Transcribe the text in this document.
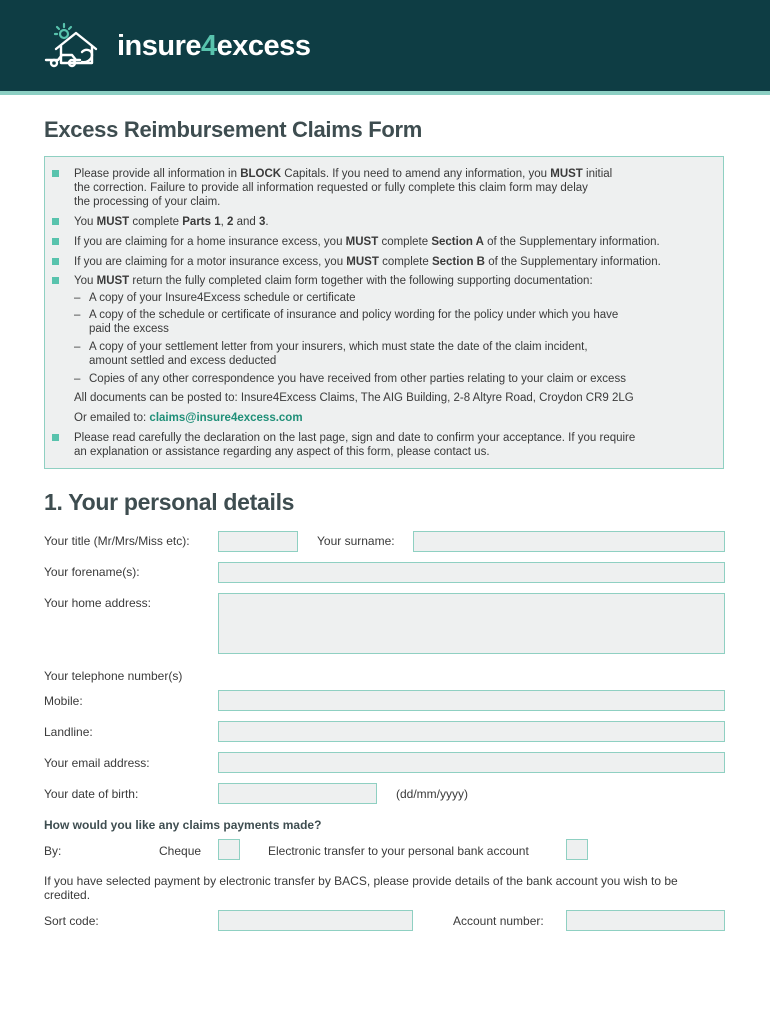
insure4excess
Excess Reimbursement Claims Form
Please provide all information in BLOCK Capitals. If you need to amend any information, you MUST initial
the correction. Failure to provide all information requested or fully complete this claim form may delay
the processing of your claim.
You MUST complete Parts 1, 2 and 3.
If you are claiming for a home insurance excess, you MUST complete Section A of the Supplementary information.
If you are claiming for a motor insurance excess, you MUST complete Section B of the Supplementary information.
You MUST return the fully completed claim form together with the following supporting documentation:
– A copy of your Insure4Excess schedule or certificate
– A copy of the schedule or certificate of insurance and policy wording for the policy under which you have
paid the excess
– A copy of your settlement letter from your insurers, which must state the date of the claim incident,
amount settled and excess deducted
– Copies of any other correspondence you have received from other parties relating to your claim or excess
All documents can be posted to: Insure4Excess Claims, The AIG Building, 2-8 Altyre Road, Croydon CR9 2LG
Or emailed to: claims@insure4excess.com
Please read carefully the declaration on the last page, sign and date to confirm your acceptance. If you require
an explanation or assistance regarding any aspect of this form, please contact us.
1. Your personal details
Your title (Mr/Mrs/Miss etc):	Your surname:
Your forename(s):
Your home address:
Your telephone number(s)
Mobile:
Landline:
Your email address:
Your date of birth:	(dd/mm/yyyy)
How would you like any claims payments made?
By:	Cheque	Electronic transfer to your personal bank account
If you have selected payment by electronic transfer by BACS, please provide details of the bank account you wish to be credited.
Sort code:	Account number:
